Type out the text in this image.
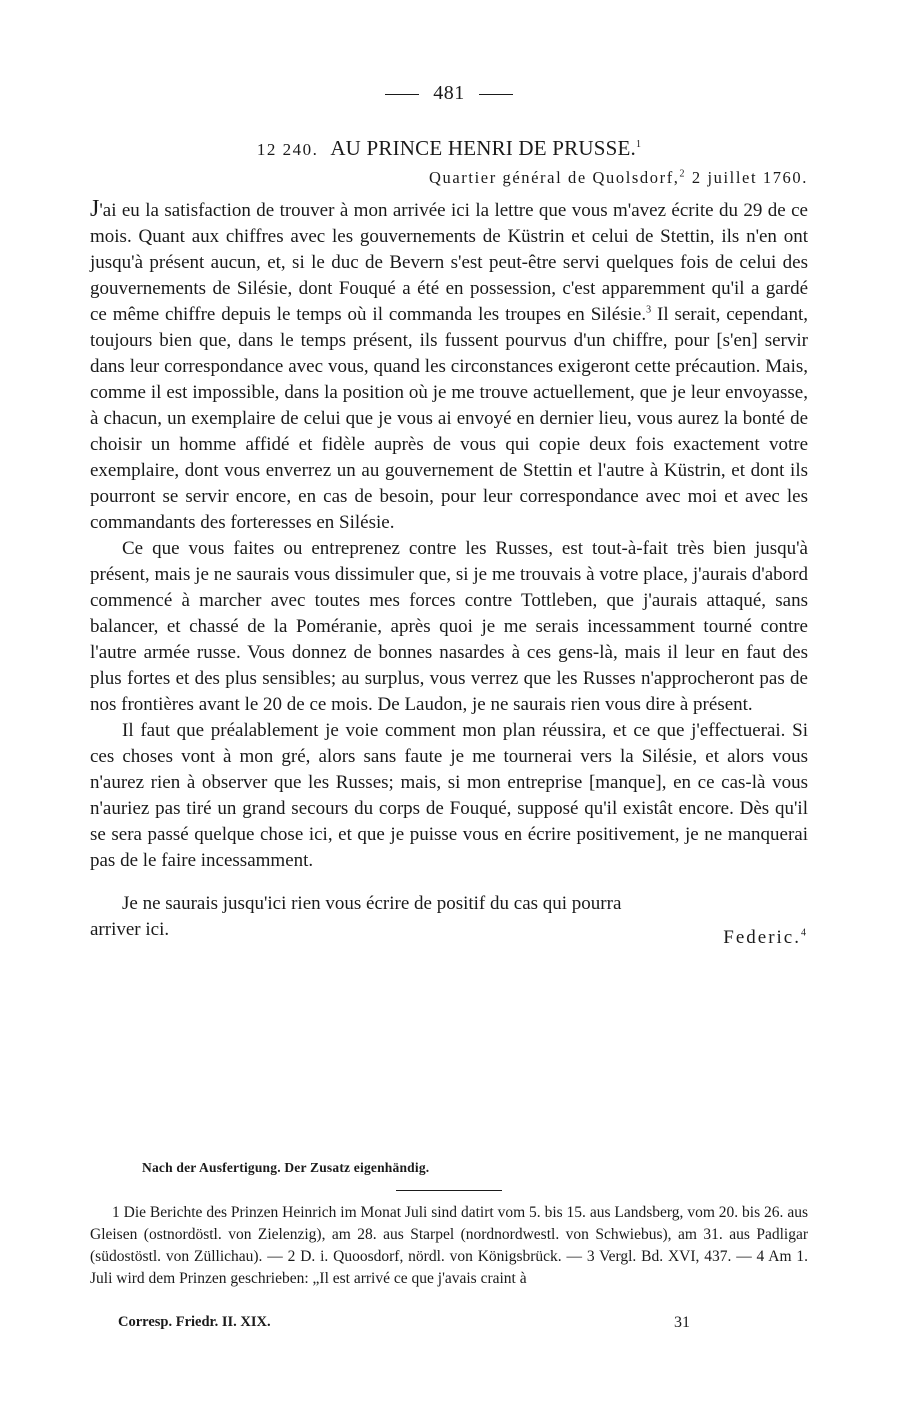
481
12 240. AU PRINCE HENRI DE PRUSSE.$^1$
Quartier général de Quolsdorf,$^2$ 2 juillet 1760.

J'ai eu la satisfaction de trouver à mon arrivée ici la lettre que vous m'avez écrite du 29 de ce mois. Quant aux chiffres avec les gouvernements de Küstrin et celui de Stettin, ils n'en ont jusqu'à présent aucun, et, si le duc de Bevern s'est peut-être servi quelques fois de celui des gouvernements de Silésie, dont Fouqué a été en possession, c'est apparemment qu'il a gardé ce même chiffre depuis le temps où il commanda les troupes en Silésie.$^3$ Il serait, cependant, toujours bien que, dans le temps présent, ils fussent pourvus d'un chiffre, pour [s'en] servir dans leur correspondance avec vous, quand les circonstances exigeront cette précaution. Mais, comme il est impossible, dans la position où je me trouve actuellement, que je leur envoyasse, à chacun, un exemplaire de celui que je vous ai envoyé en dernier lieu, vous aurez la bonté de choisir un homme affidé et fidèle auprès de vous qui copie deux fois exactement votre exemplaire, dont vous enverrez un au gouvernement de Stettin et l'autre à Küstrin, et dont ils pourront se servir encore, en cas de besoin, pour leur correspondance avec moi et avec les commandants des forteresses en Silésie.

Ce que vous faites ou entreprenez contre les Russes, est tout-à-fait très bien jusqu'à présent, mais je ne saurais vous dissimuler que, si je me trouvais à votre place, j'aurais d'abord commencé à marcher avec toutes mes forces contre Tottleben, que j'aurais attaqué, sans balancer, et chassé de la Poméranie, après quoi je me serais incessamment tourné contre l'autre armée russe. Vous donnez de bonnes nasardes à ces gens-là, mais il leur en faut des plus fortes et des plus sensibles; au surplus, vous verrez que les Russes n'approcheront pas de nos frontières avant le 20 de ce mois. De Laudon, je ne saurais rien vous dire à présent.

Il faut que préalablement je voie comment mon plan réussira, et ce que j'effectuerai. Si ces choses vont à mon gré, alors sans faute je me tournerai vers la Silésie, et alors vous n'aurez rien à observer que les Russes; mais, si mon entreprise [manque], en ce cas-là vous n'auriez pas tiré un grand secours du corps de Fouqué, supposé qu'il existât encore. Dès qu'il se sera passé quelque chose ici, et que je puisse vous en écrire positivement, je ne manquerai pas de le faire incessamment.

Je ne saurais jusqu'ici rien vous écrire de positif du cas qui pourra

arriver ici.	Federic.$^4$
Nach der Ausfertigung. Der Zusatz eigenhändig.

1 Die Berichte des Prinzen Heinrich im Monat Juli sind datirt vom 5. bis 15. aus Landsberg, vom 20. bis 26. aus Gleisen (ostnordöstl. von Zielenzig), am 28. aus Starpel (nordnordwestl. von Schwiebus), am 31. aus Padligar (südostöstl. von Züllichau). — 2 D. i. Quoosdorf, nördl. von Königsbrück. — 3 Vergl. Bd. XVI, 437. — 4 Am 1. Juli wird dem Prinzen geschrieben: „Il est arrivé ce que j'avais craint à

Corresp. Friedr. II. XIX.	31
